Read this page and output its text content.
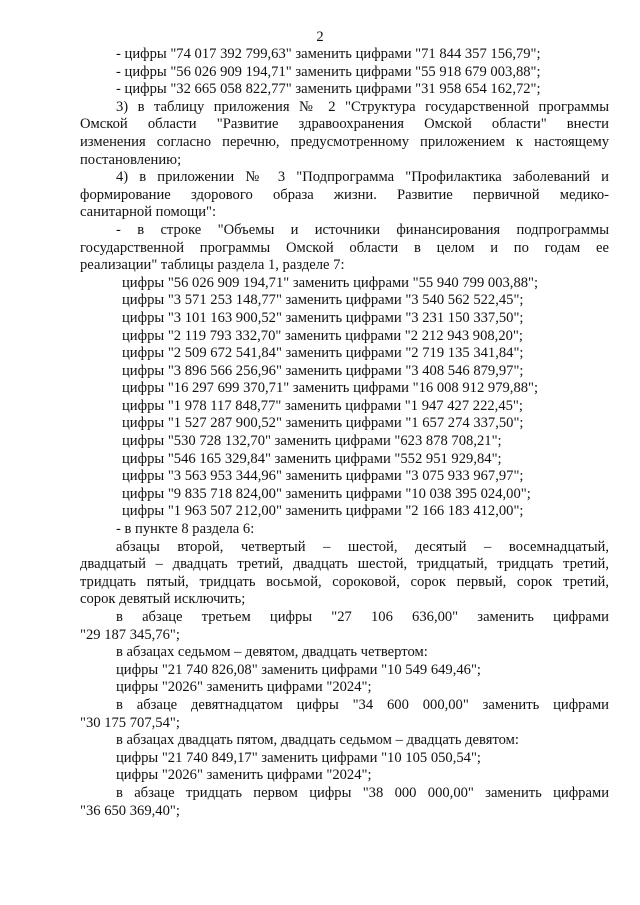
2
- цифры "74 017 392 799,63" заменить цифрами "71 844 357 156,79";
- цифры "56 026 909 194,71" заменить цифрами "55 918 679 003,88";
- цифры "32 665 058 822,77" заменить цифрами "31 958 654 162,72";
3) в таблицу приложения № 2 "Структура государственной программы
Омской области "Развитие здравоохранения Омской области" внести
изменения согласно перечню, предусмотренному приложением к настоящему
постановлению;
4) в приложении № 3 "Подпрограмма "Профилактика заболеваний и
формирование здорового образа жизни. Развитие первичной медико-
санитарной помощи":
- в строке "Объемы и источники финансирования подпрограммы
государственной программы Омской области в целом и по годам ее
реализации" таблицы раздела 1, разделе 7:
цифры "56 026 909 194,71" заменить цифрами "55 940 799 003,88";
цифры "3 571 253 148,77" заменить цифрами "3 540 562 522,45";
цифры "3 101 163 900,52" заменить цифрами "3 231 150 337,50";
цифры "2 119 793 332,70" заменить цифрами "2 212 943 908,20";
цифры "2 509 672 541,84" заменить цифрами "2 719 135 341,84";
цифры "3 896 566 256,96" заменить цифрами "3 408 546 879,97";
цифры "16 297 699 370,71" заменить цифрами "16 008 912 979,88";
цифры "1 978 117 848,77" заменить цифрами "1 947 427 222,45";
цифры "1 527 287 900,52" заменить цифрами "1 657 274 337,50";
цифры "530 728 132,70" заменить цифрами "623 878 708,21";
цифры "546 165 329,84" заменить цифрами "552 951 929,84";
цифры "3 563 953 344,96" заменить цифрами "3 075 933 967,97";
цифры "9 835 718 824,00" заменить цифрами "10 038 395 024,00";
цифры "1 963 507 212,00" заменить цифрами "2 166 183 412,00";
- в пункте 8 раздела 6:
абзацы второй, четвертый – шестой, десятый – восемнадцатый,
двадцатый – двадцать третий, двадцать шестой, тридцатый, тридцать третий,
тридцать пятый, тридцать восьмой, сороковой, сорок первый, сорок третий,
сорок девятый исключить;
в абзаце третьем цифры "27 106 636,00" заменить цифрами
"29 187 345,76";
в абзацах седьмом – девятом, двадцать четвертом:
цифры "21 740 826,08" заменить цифрами "10 549 649,46";
цифры "2026" заменить цифрами "2024";
в абзаце девятнадцатом цифры "34 600 000,00" заменить цифрами
"30 175 707,54";
в абзацах двадцать пятом, двадцать седьмом – двадцать девятом:
цифры "21 740 849,17" заменить цифрами "10 105 050,54";
цифры "2026" заменить цифрами "2024";
в абзаце тридцать первом цифры "38 000 000,00" заменить цифрами
"36 650 369,40";
